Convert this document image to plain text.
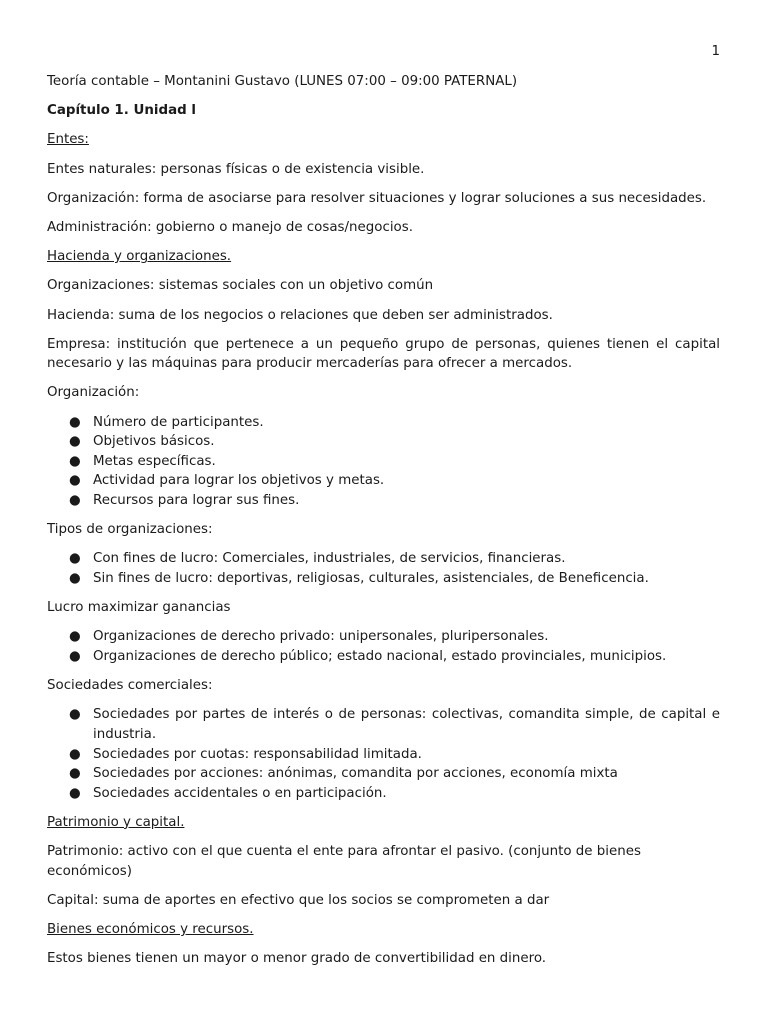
1

Teoría contable – Montanini Gustavo (LUNES 07:00 – 09:00 PATERNAL)

Capítulo 1. Unidad l

Entes:

Entes naturales: personas físicas o de existencia visible.

Organización: forma de asociarse para resolver situaciones y lograr soluciones a sus necesidades.

Administración: gobierno o manejo de cosas/negocios.

Hacienda y organizaciones.

Organizaciones: sistemas sociales con un objetivo común

Hacienda: suma de los negocios o relaciones que deben ser administrados.

Empresa: institución que pertenece a un pequeño grupo de personas, quienes tienen el capital necesario y las máquinas para producir mercaderías para ofrecer a mercados.

Organización:

● Número de participantes.
● Objetivos básicos.
● Metas específicas.
● Actividad para lograr los objetivos y metas.
● Recursos para lograr sus fines.

Tipos de organizaciones:

● Con fines de lucro: Comerciales, industriales, de servicios, financieras.
● Sin fines de lucro: deportivas, religiosas, culturales, asistenciales, de Beneficencia.

Lucro maximizar ganancias

● Organizaciones de derecho privado: unipersonales, pluripersonales.
● Organizaciones de derecho público; estado nacional, estado provinciales, municipios.

Sociedades comerciales:

● Sociedades por partes de interés o de personas: colectivas, comandita simple, de capital e industria.
● Sociedades por cuotas: responsabilidad limitada.
● Sociedades por acciones: anónimas, comandita por acciones, economía mixta
● Sociedades accidentales o en participación.

Patrimonio y capital.

Patrimonio: activo con el que cuenta el ente para afrontar el pasivo. (conjunto de bienes económicos)

Capital: suma de aportes en efectivo que los socios se comprometen a dar

Bienes económicos y recursos.

Estos bienes tienen un mayor o menor grado de convertibilidad en dinero.
